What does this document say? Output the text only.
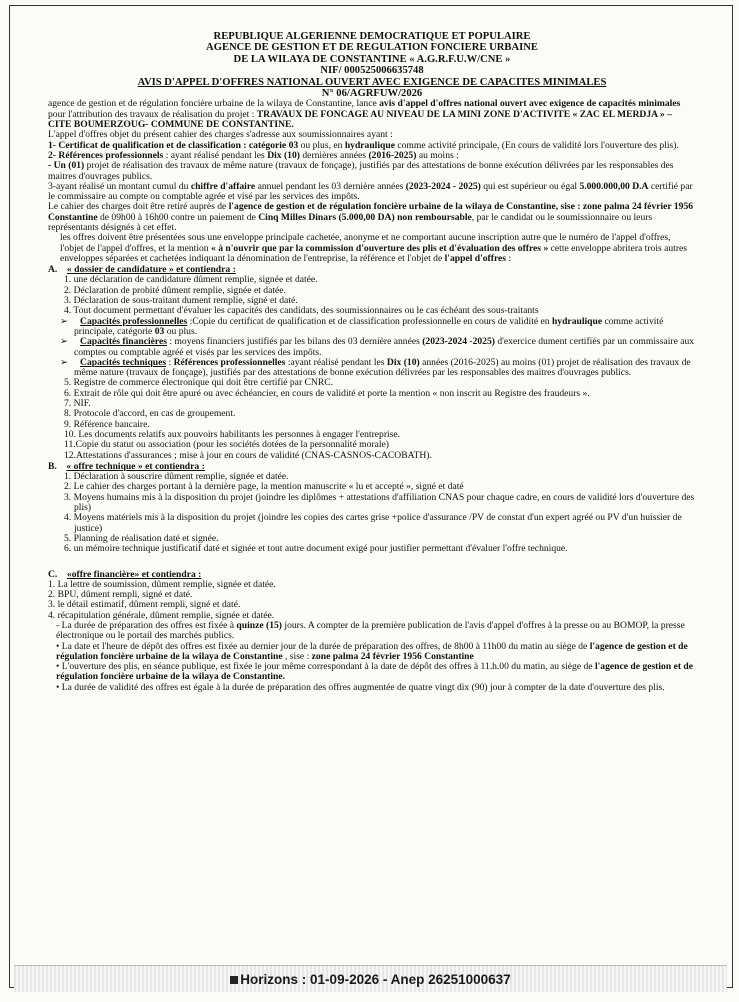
REPUBLIQUE ALGERIENNE DEMOCRATIQUE ET POPULAIRE

AGENCE DE GESTION ET DE REGULATION FONCIERE URBAINE

DE LA WILAYA DE CONSTANTINE « A.G.R.F.U.W/CNE »

NIF/ 000525006635748

AVIS D'APPEL D'OFFRES NATIONAL OUVERT AVEC EXIGENCE DE CAPACITES MINIMALES

N° 06/AGRFUW/2026

agence de gestion et de régulation foncière urbaine de la wilaya de Constantine, lance avis d'appel d'offres national ouvert avec exigence de capacités minimales pour l'attribution des travaux de réalisation du projet : TRAVAUX DE FONCAGE AU NIVEAU DE LA MINI ZONE D'ACTIVITE « ZAC EL MERDJA » – CITE BOUMERZOUG- COMMUNE DE CONSTANTINE.

L'appel d'offres objet du présent cahier des charges s'adresse aux soumissionnaires ayant :

1- Certificat de qualification et de classification : catégorie 03 ou plus, en hydraulique comme activité principale, (En cours de validité lors l'ouverture des plis).

2- Références professionnels : ayant réalisé pendant les Dix (10) dernières années (2016-2025) au moins :

- Un (01) projet de réalisation des travaux de même nature (travaux de fonçage), justifiés par des attestations de bonne exécution délivrées par les responsables des maitres d'ouvrages publics.

3-ayant réalisé un montant cumul du chiffre d'affaire annuel pendant les 03 dernière années (2023-2024 - 2025) qui est supérieur ou égal 5.000.000,00 D.A certifié par le commissaire au compte ou comptable agrée et visé par les services des impôts.

Le cahier des charges doit être retiré auprès de l'agence de gestion et de régulation foncière urbaine de la wilaya de Constantine, sise : zone palma 24 février 1956 Constantine de 09h00 à 16h00 contre un paiement de Cinq Milles Dinars (5.000,00 DA) non remboursable, par le candidat ou le soumissionnaire ou leurs représentants désignés à cet effet.

les offres doivent être présentées sous une enveloppe principale cachetée, anonyme et ne comportant aucune inscription autre que le numéro de l'appel d'offres, l'objet de l'appel d'offres, et la mention « à n'ouvrir que par la commission d'ouverture des plis et d'évaluation des offres » cette enveloppe abritera trois autres enveloppes séparées et cachetées indiquant la dénomination de l'entreprise, la référence et l'objet de l'appel d'offres :

A. « dossier de candidature » et contiendra :

1. une déclaration de candidature dûment remplie, signée et datée.

2. Déclaration de probité dûment remplie, signée et datée.

3. Déclaration de sous-traitant dument remplie, signé et daté.

4. Tout document permettant d'évaluer les capacités des candidats, des soumissionnaires ou le cas échéant des sous-traitants

➢ Capacités professionnelles :Copie du certificat de qualification et de classification professionnelle en cours de validité en hydraulique comme activité principale, catégorie 03 ou plus.

➢ Capacités financières : moyens financiers justifiés par les bilans des 03 dernière années (2023-2024 -2025) d'exercice dument certifiés par un commissaire aux comptes ou comptable agréé et visés par les services des impôts.

➢ Capacités techniques : Références professionnelles :ayant réalisé pendant les Dix (10) années (2016-2025) au moins (01) projet de réalisation des travaux de même nature (travaux de fonçage), justifiés par des attestations de bonne exécution délivrées par les responsables des maitres d'ouvrages publics.

5. Registre de commerce électronique qui doit être certifié par CNRC.

6. Extrait de rôle qui doit être apuré ou avec échéancier, en cours de validité et porte la mention « non inscrit au Registre des fraudeurs ».

7. NIF.

8. Protocole d'accord, en cas de groupement.

9. Référence bancaire.

10. Les documents relatifs aux pouvoirs habilitants les personnes à engager l'entreprise.

11.Copie du statut ou association (pour les sociétés dotées de la personnalité morale)

12.Attestations d'assurances ; mise à jour en cours de validité (CNAS-CASNOS-CACOBATH).

B. « offre technique » et contiendra :

1. Déclaration à souscrire dûment remplie, signée et datée.

2. Le cahier des charges portant à la dernière page, la mention manuscrite « lu et accepté », signé et daté

3. Moyens humains mis à la disposition du projet (joindre les diplômes + attestations d'affiliation CNAS pour chaque cadre, en cours de validité lors d'ouverture des plis)

4. Moyens matériels mis à la disposition du projet (joindre les copies des cartes grise +police d'assurance /PV de constat d'un expert agréé ou PV d'un huissier de justice)

5. Planning de réalisation daté et signée.

6. un mémoire technique justificatif daté et signée et tout autre document exigé pour justifier permettant d'évaluer l'offre technique.

C. «offre financière» et contiendra :

1. La lettre de soumission, dûment remplie, signée et datée.

2. BPU, dûment rempli, signé et daté.

3. le détail estimatif, dûment rempli, signé et daté.

4. récapitulation générale, dûment remplie, signée et datée.

- La durée de préparation des offres est fixée à quinze (15) jours. A compter de la première publication de l'avis d'appel d'offres à la presse ou au BOMOP, la presse électronique ou le portail des marchés publics.

• La date et l'heure de dépôt des offres est fixée au dernier jour de la durée de préparation des offres, de 8h00 à 11h00 du matin au siège de l'agence de gestion et de régulation foncière urbaine de la wilaya de Constantine , sise : zone palma 24 février 1956 Constantine

• L'ouverture des plis, en séance publique, est fixée le jour même correspondant à la date de dépôt des offres à 11.h.00 du matin, au siège de l'agence de gestion et de régulation foncière urbaine de la wilaya de Constantine.

• La durée de validité des offres est égale à la durée de préparation des offres augmentée de quatre vingt dix (90) jour à compter de la date d'ouverture des plis.

Horizons : 01-09-2026 - Anep 26251000637
